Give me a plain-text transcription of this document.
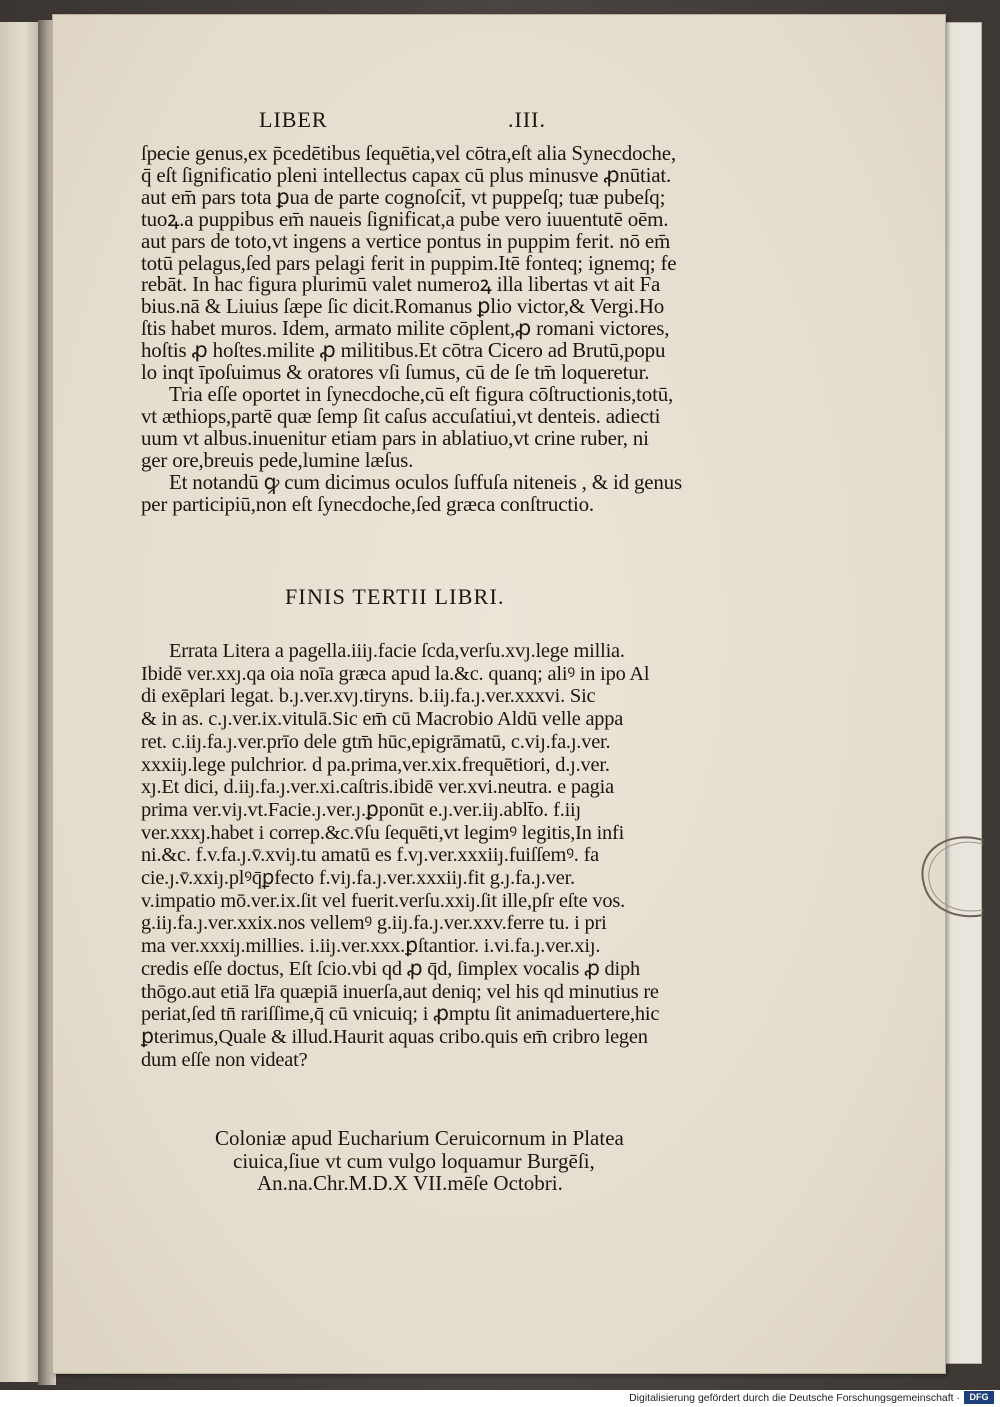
LIBER	.III.
ſpecie genus,ex p̄cedētibus ſequētia,vel cōtra,eſt alia Synecdoche,
q̄ eſt ſignificatio pleni intellectus capax cū plus minusve ꝓnūtiat.
aut em̄ pars tota ꝑua de parte cognoſcit̄, vt puppeſq; tuæ pubeſq;
tuoꝝ.a puppibus em̄ naueis ſignificat,a pube vero iuuentutē oēm.
aut pars de toto,vt ingens a vertice pontus in puppim ferit. nō em̄
totū pelagus,ſed pars pelagi ferit in puppim.Itē fonteq; ignemq; fe
rebāt. In hac figura plurimū valet numeroꝝ illa libertas vt ait Fa
bius.nā & Liuius ſæpe ſic dicit.Romanus ꝑlio victor,& Vergi.Ho
ſtis habet muros. Idem, armato milite cōplent,ꝓ romani victores,
hoſtis ꝓ hoſtes.milite ꝓ militibus.Et cōtra Cicero ad Brutū,popu
lo inqt īpoſuimus & oratores vſi ſumus, cū de ſe tm̄ loqueretur.
Tria eſſe oportet in ſynecdoche,cū eſt figura cōſtructionis,totū,
vt æthiops,partē quæ ſemp ſit caſus accuſatiui,vt denteis. adiecti
uum vt albus.inuenitur etiam pars in ablatiuo,vt crine ruber, ni
ger ore,breuis pede,lumine læſus.
Et notandū ꝙ cum dicimus oculos ſuffuſa niteneis , & id genus
per participiū,non eſt ſynecdoche,ſed græca conſtructio.
FINIS TERTII LIBRI.
Errata Litera a pagella.iiiȷ.facie ſcda,verſu.xvȷ.lege millia.
Ibidē ver.xxȷ.qa oia noīa græca apud la.&c. quanq; aliꝰ in ipo Al
di exēplari legat. b.ȷ.ver.xvȷ.tiryns. b.iiȷ.fa.ȷ.ver.xxxvi. Sic
& in as. c.ȷ.ver.ix.vitulā.Sic em̄ cū Macrobio Aldū velle appa
ret. c.iiȷ.fa.ȷ.ver.prīo dele gtm̄ hūc,epigrāmatū, c.viȷ.fa.ȷ.ver.
xxxiiȷ.lege pulchrior. d pa.prima,ver.xix.frequētiori, d.ȷ.ver.
xȷ.Et dici, d.iiȷ.fa.ȷ.ver.xi.caſtris.ibidē ver.xvi.neutra. e pagia
prima ver.viȷ.vt.Facie.ȷ.ver.ȷ.ꝑponūt e.ȷ.ver.iiȷ.ablt̄o. f.iiȷ
ver.xxxȷ.habet i correp.&c.v̄ſu ſequēti,vt legimꝰ legitis,In infi
ni.&c. f.v.fa.ȷ.v̄.xviȷ.tu amatū es f.vȷ.ver.xxxiiȷ.fuiſſemꝰ. fa
cie.ȷ.v̄.xxiȷ.plꝰq̄ꝑfecto f.viȷ.fa.ȷ.ver.xxxiiȷ.fit g.ȷ.fa.ȷ.ver.
v.impatio mō.ver.ix.ſit vel fuerit.verſu.xxiȷ.ſit ille,pſr eſte vos.
g.iiȷ.fa.ȷ.ver.xxix.nos vellemꝰ g.iiȷ.fa.ȷ.ver.xxv.ferre tu. i pri
ma ver.xxxiȷ.millies. i.iiȷ.ver.xxx.ꝑſtantior. i.vi.fa.ȷ.ver.xiȷ.
credis eſſe doctus, Eſt ſcio.vbi qd ꝓ q̄d, ſimplex vocalis ꝓ diph
thōgo.aut etiā lr̄a quæpiā inuerſa,aut deniq; vel his qd minutius re
periat,ſed tn̄ rariſſime,q̄ cū vnicuiq; i ꝓmptu ſit animaduertere,hic
ꝑterimus,Quale & illud.Haurit aquas cribo.quis em̄ cribro legen
dum eſſe non videat?
Coloniæ apud Eucharium Ceruicornum in Platea
ciuica,ſiue vt cum vulgo loquamur Burgēſi,
An.na.Chr.M.D.X VII.mēſe Octobri.
Digitalisierung gefördert durch die Deutsche Forschungsgemeinschaft ·	DFG
